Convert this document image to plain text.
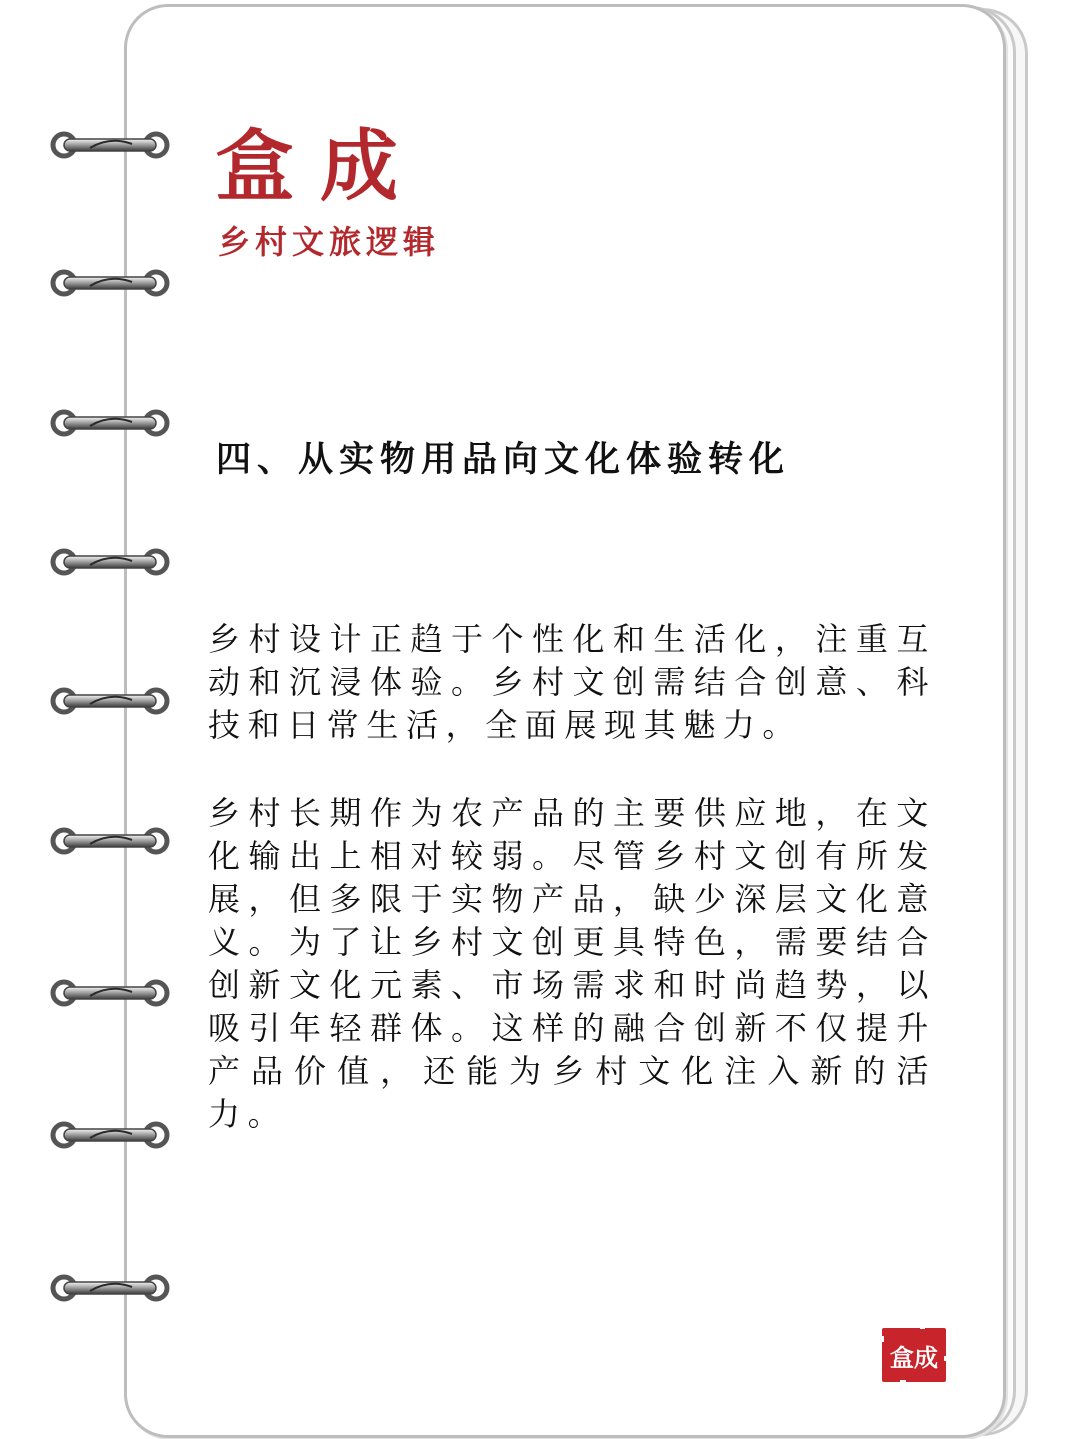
盒成
乡村文旅逻辑
四、从实物用品向文化体验转化

乡村设计正趋于个性化和生活化，注重互动和沉浸体验。乡村文创需结合创意、科技和日常生活，全面展现其魅力。

乡村长期作为农产品的主要供应地，在文化输出上相对较弱。尽管乡村文创有所发展，但多限于实物产品，缺少深层文化意义。为了让乡村文创更具特色，需要结合创新文化元素、市场需求和时尚趋势，以吸引年轻群体。这样的融合创新不仅提升产品价值，还能为乡村文化注入新的活力。

盒成
